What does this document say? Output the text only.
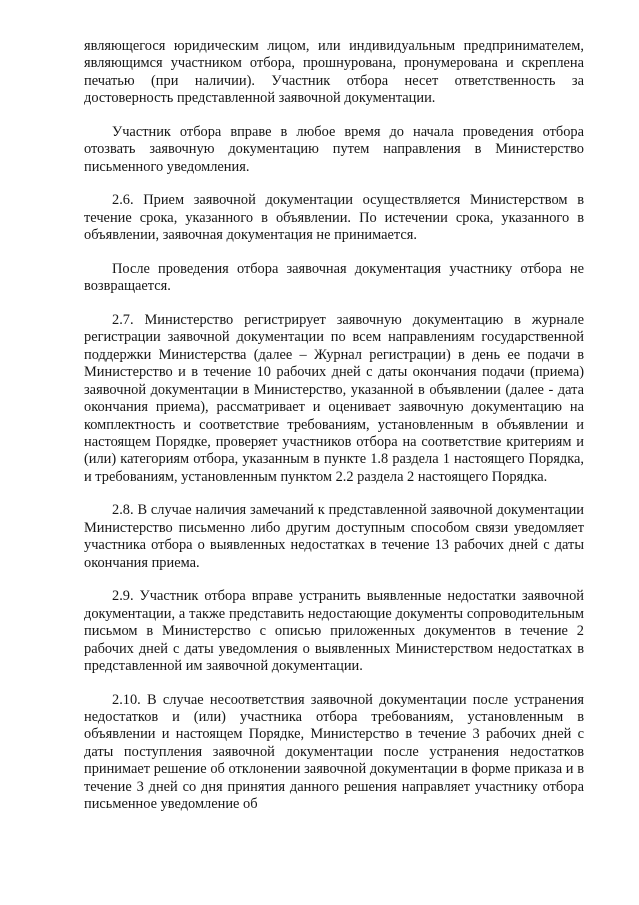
являющегося юридическим лицом, или индивидуальным предпринимателем, являющимся участником отбора, прошнурована, пронумерована и скреплена печатью (при наличии). Участник отбора несет ответственность за достоверность представленной заявочной документации.

Участник отбора вправе в любое время до начала проведения отбора отозвать заявочную документацию путем направления в Министерство письменного уведомления.

2.6. Прием заявочной документации осуществляется Министерством в течение срока, указанного в объявлении. По истечении срока, указанного в объявлении, заявочная документация не принимается.

После проведения отбора заявочная документация участнику отбора не возвращается.

2.7. Министерство регистрирует заявочную документацию в журнале регистрации заявочной документации по всем направлениям государственной поддержки Министерства (далее – Журнал регистрации) в день ее подачи в Министерство и в течение 10 рабочих дней с даты окончания подачи (приема) заявочной документации в Министерство, указанной в объявлении (далее - дата окончания приема), рассматривает и оценивает заявочную документацию на комплектность и соответствие требованиям, установленным в объявлении и настоящем Порядке, проверяет участников отбора на соответствие критериям и (или) категориям отбора, указанным в пункте 1.8 раздела 1 настоящего Порядка, и требованиям, установленным пунктом 2.2 раздела 2 настоящего Порядка.

2.8. В случае наличия замечаний к представленной заявочной документации Министерство письменно либо другим доступным способом связи уведомляет участника отбора о выявленных недостатках в течение 13 рабочих дней с даты окончания приема.

2.9. Участник отбора вправе устранить выявленные недостатки заявочной документации, а также представить недостающие документы сопроводительным письмом в Министерство с описью приложенных документов в течение 2 рабочих дней с даты уведомления о выявленных Министерством недостатках в представленной им заявочной документации.

2.10. В случае несоответствия заявочной документации после устранения недостатков и (или) участника отбора требованиям, установленным в объявлении и настоящем Порядке, Министерство в течение 3 рабочих дней с даты поступления заявочной документации после устранения недостатков принимает решение об отклонении заявочной документации в форме приказа и в течение 3 дней со дня принятия данного решения направляет участнику отбора письменное уведомление об
